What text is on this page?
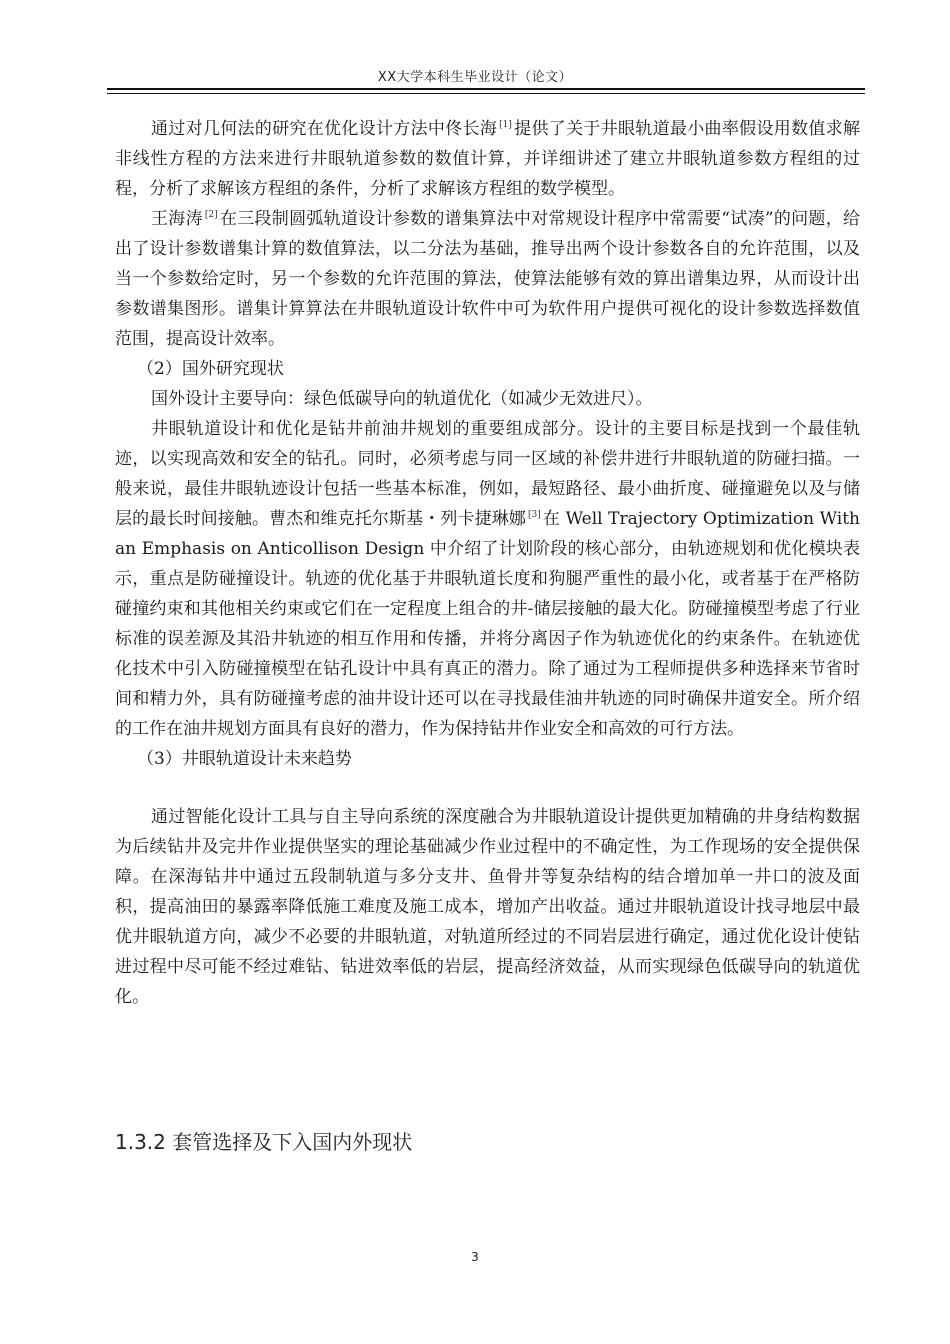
XX大学本科生毕业设计（论文）

通过对几何法的研究在优化设计方法中佟长海 [1] 提供了关于井眼轨道最小曲率假设用数值求解非线性方程的方法来进行井眼轨道参数的数值计算，并详细讲述了建立井眼轨道参数方程组的过程，分析了求解该方程组的条件，分析了求解该方程组的数学模型。

王海涛 [2] 在三段制圆弧轨道设计参数的谱集算法中对常规设计程序中常需要“试凑”的问题，给出了设计参数谱集计算的数值算法，以二分法为基础，推导出两个设计参数各自的允许范围，以及当一个参数给定时，另一个参数的允许范围的算法，使算法能够有效的算出谱集边界，从而设计出参数谱集图形。谱集计算算法在井眼轨道设计软件中可为软件用户提供可视化的设计参数选择数值范围，提高设计效率。

（2）国外研究现状

国外设计主要导向：绿色低碳导向的轨道优化（如减少无效进尺）。

井眼轨道设计和优化是钻井前油井规划的重要组成部分。设计的主要目标是找到一个最佳轨迹，以实现高效和安全的钻孔。同时，必须考虑与同一区域的补偿井进行井眼轨道的防碰扫描。一般来说，最佳井眼轨迹设计包括一些基本标准，例如，最短路径、最小曲折度、碰撞避免以及与储层的最长时间接触。曹杰和维克托尔斯基・列卡捷琳娜 [3] 在 Well Trajectory Optimization With an Emphasis on Anticollison Design 中介绍了计划阶段的核心部分，由轨迹规划和优化模块表示，重点是防碰撞设计。轨迹的优化基于井眼轨道长度和狗腿严重性的最小化，或者基于在严格防碰撞约束和其他相关约束或它们在一定程度上组合的井-储层接触的最大化。防碰撞模型考虑了行业标准的误差源及其沿井轨迹的相互作用和传播，并将分离因子作为轨迹优化的约束条件。在轨迹优化技术中引入防碰撞模型在钻孔设计中具有真正的潜力。除了通过为工程师提供多种选择来节省时间和精力外，具有防碰撞考虑的油井设计还可以在寻找最佳油井轨迹的同时确保井道安全。所介绍的工作在油井规划方面具有良好的潜力，作为保持钻井作业安全和高效的可行方法。

（3）井眼轨道设计未来趋势

通过智能化设计工具与自主导向系统的深度融合为井眼轨道设计提供更加精确的井身结构数据为后续钻井及完井作业提供坚实的理论基础减少作业过程中的不确定性，为工作现场的安全提供保障。在深海钻井中通过五段制轨道与多分支井、鱼骨井等复杂结构的结合增加单一井口的波及面积，提高油田的暴露率降低施工难度及施工成本，增加产出收益。通过井眼轨道设计找寻地层中最优井眼轨道方向，减少不必要的井眼轨道，对轨道所经过的不同岩层进行确定，通过优化设计使钻进过程中尽可能不经过难钻、钻进效率低的岩层，提高经济效益，从而实现绿色低碳导向的轨道优化。

1.3.2 套管选择及下入国内外现状
3
